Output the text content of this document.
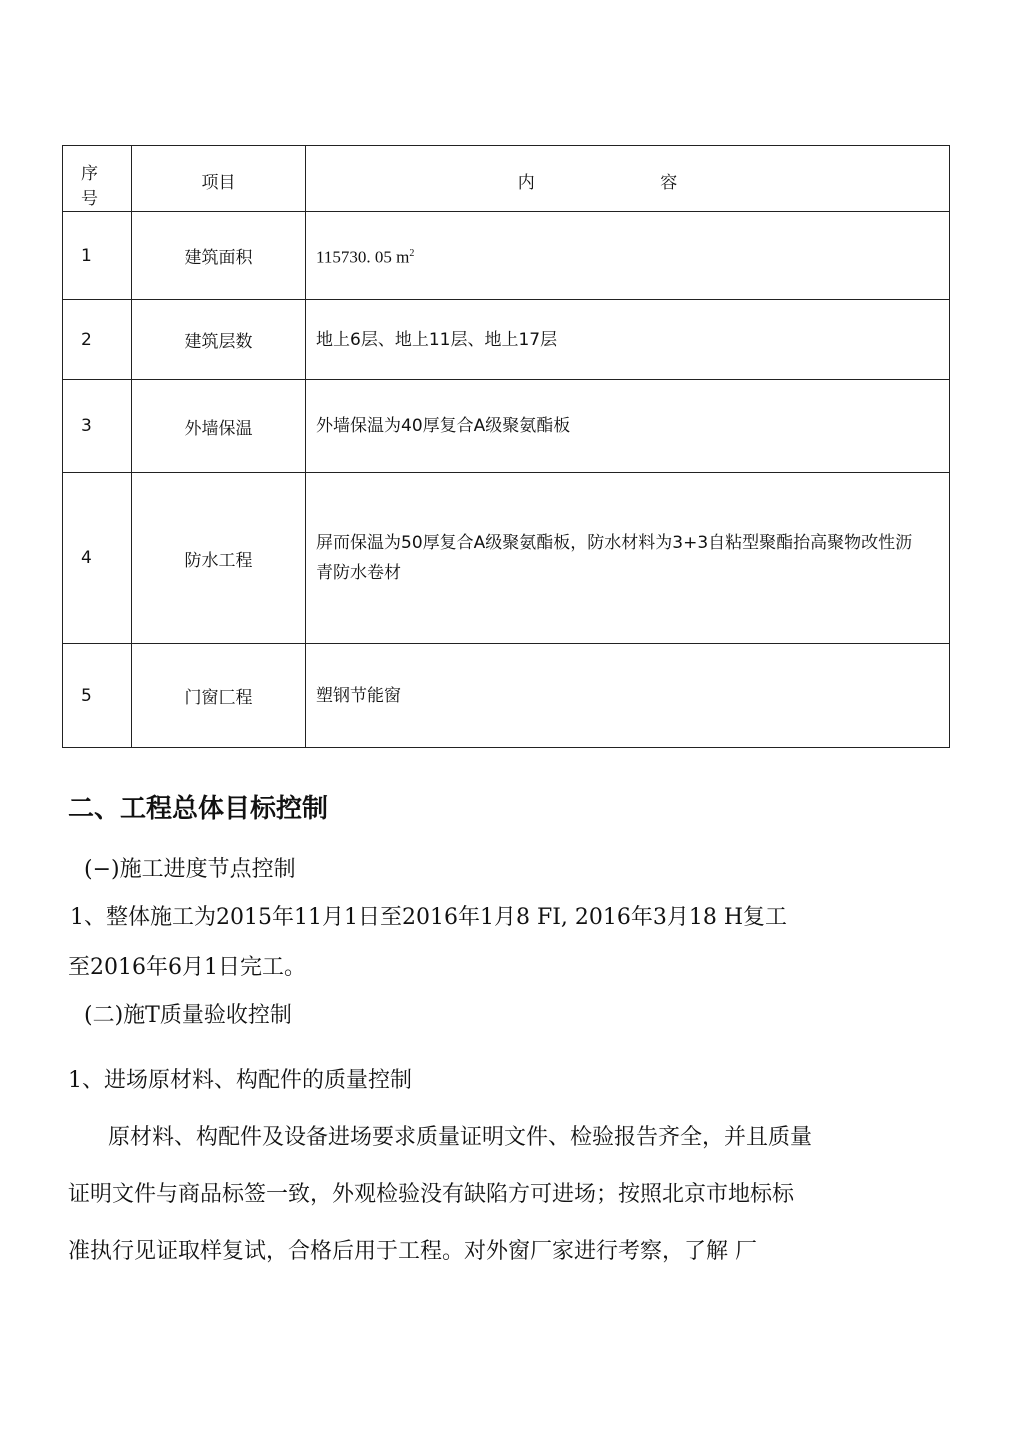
序 号	项目	内 容
1	建筑面积	115730. 05 $m^2$
2	建筑层数	地上6层、地上11层、地上17层
3	外墙保温	外墙保温为40厚复合A级聚氨酯板
4	防水工程	屏而保温为50厚复合A级聚氨酯板，防水材料为3+3自粘型聚酯抬高聚物改性沥青防水卷材
5	门窗匚程	塑钢节能窗
二、工程总体目标控制
(−)施工进度节点控制
1、整体施工为2015年11月1日至2016年1月8 FI, 2016年3月18 H复工
至2016年6月1日完工。
(二)施T质量验收控制
1、进场原材料、构配件的质量控制
原材料、构配件及设备进场要求质量证明文件、检验报告齐全，并且质量
证明文件与商品标签一致，外观检验没有缺陷方可进场；按照北京市地标标
准执行见证取样复试，合格后用于工程。对外窗厂家进行考察，了解 厂
